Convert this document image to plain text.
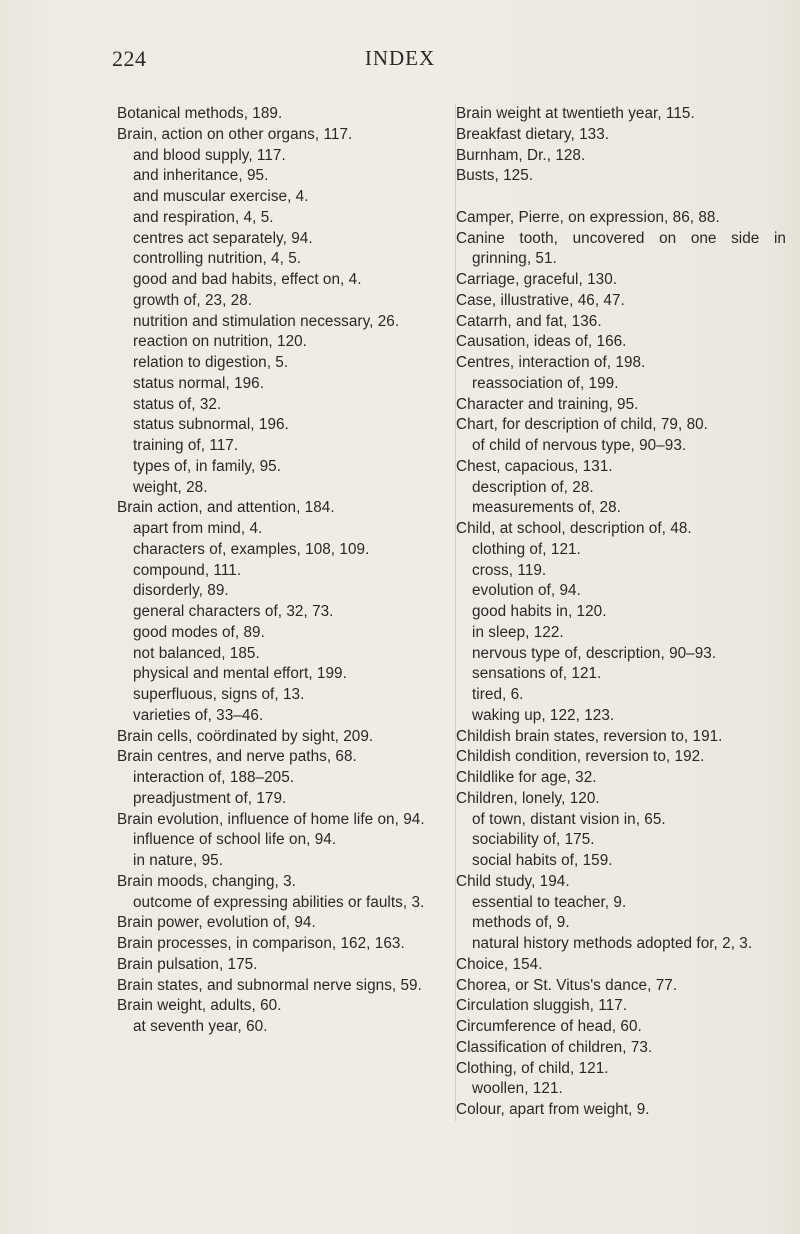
224	INDEX

Botanical methods, 189.

Brain, action on other organs, 117.

and blood supply, 117.

and inheritance, 95.

and muscular exercise, 4.

and respiration, 4, 5.

centres act separately, 94.

controlling nutrition, 4, 5.

good and bad habits, effect on, 4.

growth of, 23, 28.

nutrition and stimulation necessary, 26.

reaction on nutrition, 120.

relation to digestion, 5.

status normal, 196.

status of, 32.

status subnormal, 196.

training of, 117.

types of, in family, 95.

weight, 28.

Brain action, and attention, 184.

apart from mind, 4.

characters of, examples, 108, 109.

compound, 111.

disorderly, 89.

general characters of, 32, 73.

good modes of, 89.

not balanced, 185.

physical and mental effort, 199.

superfluous, signs of, 13.

varieties of, 33–46.

Brain cells, coördinated by sight, 209.

Brain centres, and nerve paths, 68.

interaction of, 188–205.

preadjustment of, 179.

Brain evolution, influence of home life on, 94.

influence of school life on, 94.

in nature, 95.

Brain moods, changing, 3.

outcome of expressing abilities or faults, 3.

Brain power, evolution of, 94.

Brain processes, in comparison, 162, 163.

Brain pulsation, 175.

Brain states, and subnormal nerve signs, 59.

Brain weight, adults, 60.

at seventh year, 60.

Brain weight at twentieth year, 115.

Breakfast dietary, 133.

Burnham, Dr., 128.

Busts, 125.

Camper, Pierre, on expression, 86, 88.

Canine tooth, uncovered on one side in grinning, 51.

Carriage, graceful, 130.

Case, illustrative, 46, 47.

Catarrh, and fat, 136.

Causation, ideas of, 166.

Centres, interaction of, 198.

reassociation of, 199.

Character and training, 95.

Chart, for description of child, 79, 80.

of child of nervous type, 90–93.

Chest, capacious, 131.

description of, 28.

measurements of, 28.

Child, at school, description of, 48.

clothing of, 121.

cross, 119.

evolution of, 94.

good habits in, 120.

in sleep, 122.

nervous type of, description, 90–93.

sensations of, 121.

tired, 6.

waking up, 122, 123.

Childish brain states, reversion to, 191.

Childish condition, reversion to, 192.

Childlike for age, 32.

Children, lonely, 120.

of town, distant vision in, 65.

sociability of, 175.

social habits of, 159.

Child study, 194.

essential to teacher, 9.

methods of, 9.

natural history methods adopted for, 2, 3.

Choice, 154.

Chorea, or St. Vitus's dance, 77.

Circulation sluggish, 117.

Circumference of head, 60.

Classification of children, 73.

Clothing, of child, 121.

woollen, 121.

Colour, apart from weight, 9.
